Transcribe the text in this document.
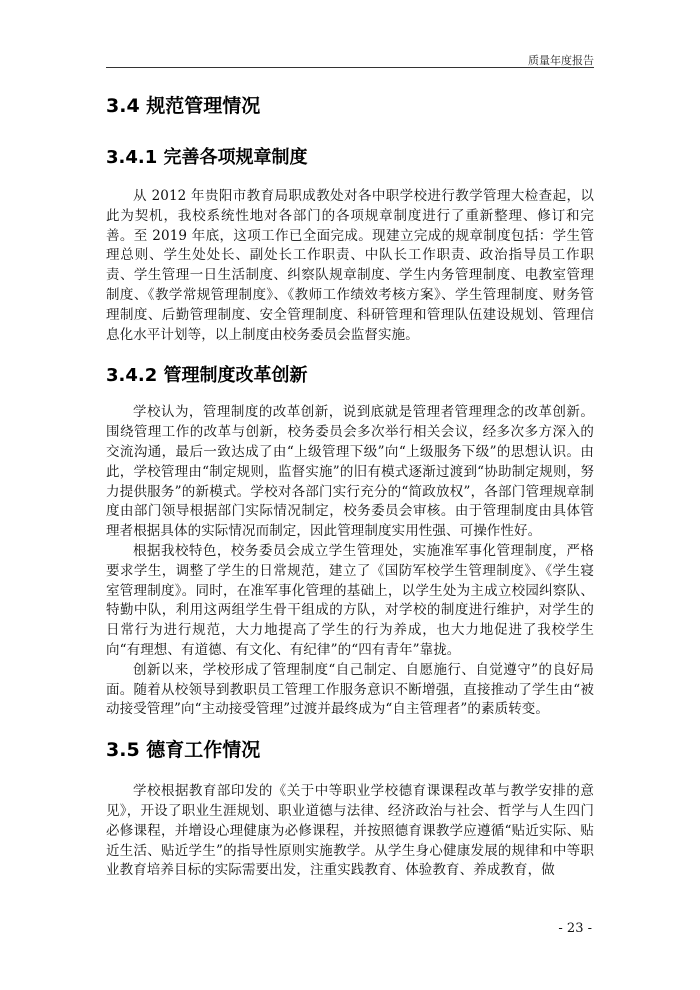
质量年度报告
3.4 规范管理情况
3.4.1 完善各项规章制度

从 2012 年贵阳市教育局职成教处对各中职学校进行教学管理大检查起，以此为契机，我校系统性地对各部门的各项规章制度进行了重新整理、修订和完善。至 2019 年底，这项工作已全面完成。现建立完成的规章制度包括：学生管理总则、学生处处长、副处长工作职责、中队长工作职责、政治指导员工作职责、学生管理一日生活制度、纠察队规章制度、学生内务管理制度、电教室管理制度、《教学常规管理制度》、《教师工作绩效考核方案》、学生管理制度、财务管理制度、后勤管理制度、安全管理制度、科研管理和管理队伍建设规划、管理信息化水平计划等，以上制度由校务委员会监督实施。

3.4.2 管理制度改革创新

学校认为，管理制度的改革创新，说到底就是管理者管理理念的改革创新。围绕管理工作的改革与创新，校务委员会多次举行相关会议，经多次多方深入的交流沟通，最后一致达成了由“上级管理下级”向“上级服务下级”的思想认识。由此，学校管理由“制定规则，监督实施”的旧有模式逐渐过渡到“协助制定规则，努力提供服务”的新模式。学校对各部门实行充分的“简政放权”，各部门管理规章制度由部门领导根据部门实际情况制定，校务委员会审核。由于管理制度由具体管理者根据具体的实际情况而制定，因此管理制度实用性强、可操作性好。

根据我校特色，校务委员会成立学生管理处，实施准军事化管理制度，严格要求学生，调整了学生的日常规范，建立了《国防军校学生管理制度》、《学生寝室管理制度》。同时，在准军事化管理的基础上，以学生处为主成立校园纠察队、特勤中队，利用这两组学生骨干组成的方队，对学校的制度进行维护，对学生的日常行为进行规范，大力地提高了学生的行为养成，也大力地促进了我校学生向“有理想、有道德、有文化、有纪律”的“四有青年”靠拢。

创新以来，学校形成了管理制度“自己制定、自愿施行、自觉遵守”的良好局面。随着从校领导到教职员工管理工作服务意识不断增强，直接推动了学生由“被动接受管理”向“主动接受管理”过渡并最终成为“自主管理者”的素质转变。

3.5 德育工作情况

学校根据教育部印发的《关于中等职业学校德育课课程改革与教学安排的意见》，开设了职业生涯规划、职业道德与法律、经济政治与社会、哲学与人生四门必修课程，并增设心理健康为必修课程，并按照德育课教学应遵循“贴近实际、贴近生活、贴近学生”的指导性原则实施教学。从学生身心健康发展的规律和中等职业教育培养目标的实际需要出发，注重实践教育、体验教育、养成教育，做

- 23 -
